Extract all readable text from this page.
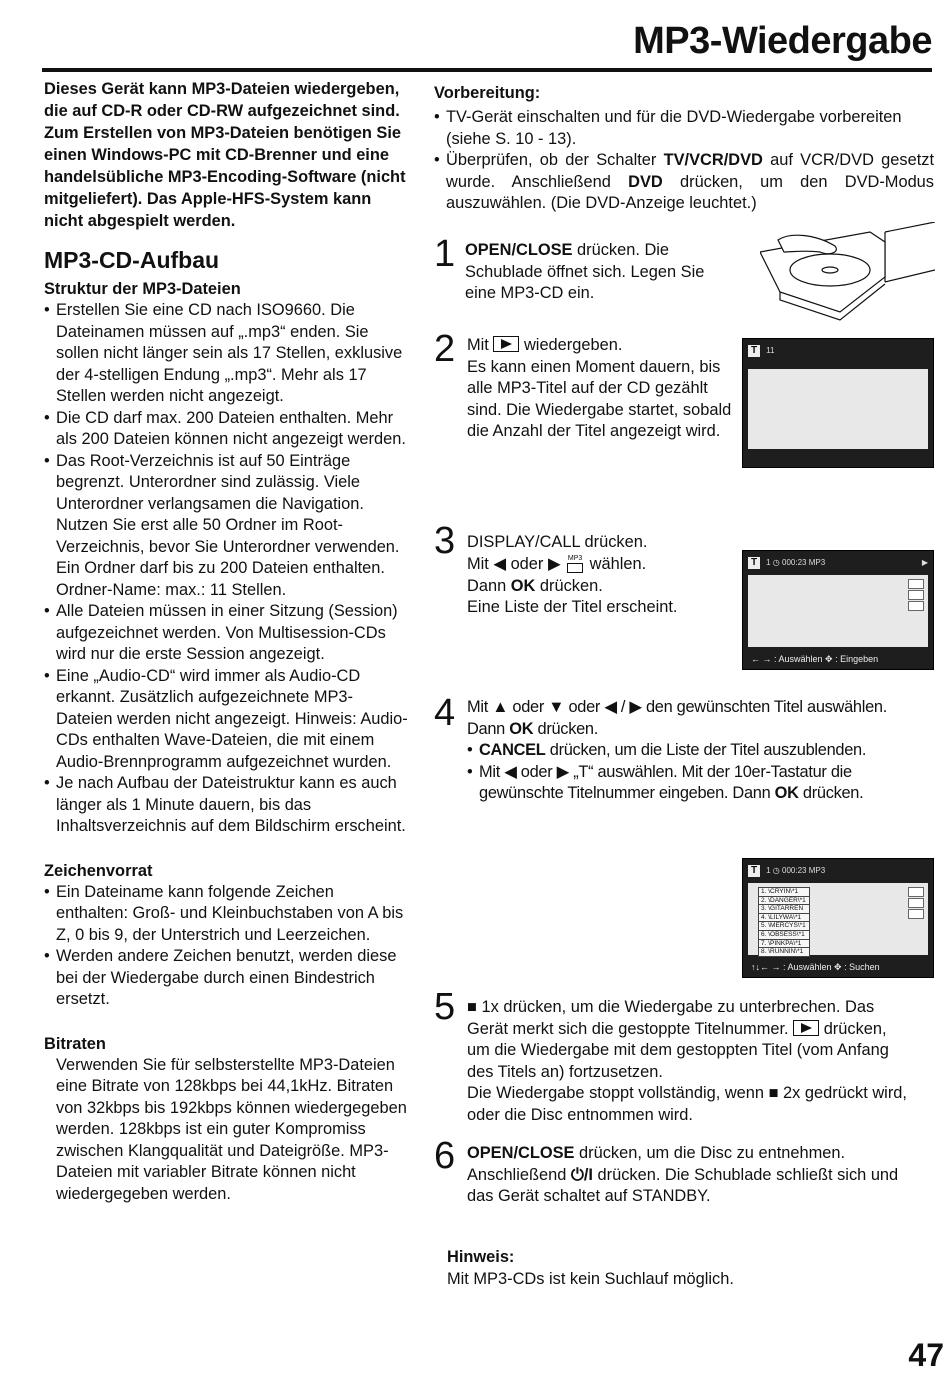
MP3-Wiedergabe

Dieses Gerät kann MP3-Dateien wiedergeben, die auf CD-R oder CD-RW aufgezeichnet sind. Zum Erstellen von MP3-Dateien benötigen Sie einen Windows-PC mit CD-Brenner und eine handelsübliche MP3-Encoding-Software (nicht mitgeliefert). Das Apple-HFS-System kann nicht abgespielt werden.

MP3-CD-Aufbau
Struktur der MP3-Dateien
• Erstellen Sie eine CD nach ISO9660. Die Dateinamen müssen auf „.mp3“ enden. Sie sollen nicht länger sein als 17 Stellen, exklusive der 4-stelligen Endung „.mp3“. Mehr als 17 Stellen werden nicht angezeigt.
• Die CD darf max. 200 Dateien enthalten. Mehr als 200 Dateien können nicht angezeigt werden.
• Das Root-Verzeichnis ist auf 50 Einträge begrenzt. Unterordner sind zulässig. Viele Unterordner verlangsamen die Navigation. Nutzen Sie erst alle 50 Ordner im Root-Verzeichnis, bevor Sie Unterordner verwenden. Ein Ordner darf bis zu 200 Dateien enthalten. Ordner-Name: max.: 11 Stellen.
• Alle Dateien müssen in einer Sitzung (Session) aufgezeichnet werden. Von Multisession-CDs wird nur die erste Session angezeigt.
• Eine „Audio-CD“ wird immer als Audio-CD erkannt. Zusätzlich aufgezeichnete MP3-Dateien werden nicht angezeigt. Hinweis: Audio-CDs enthalten Wave-Dateien, die mit einem Audio-Brennprogramm aufgezeichnet wurden.
• Je nach Aufbau der Dateistruktur kann es auch länger als 1 Minute dauern, bis das Inhaltsverzeichnis auf dem Bildschirm erscheint.
Zeichenvorrat
• Ein Dateiname kann folgende Zeichen enthalten: Groß- und Kleinbuchstaben von A bis Z, 0 bis 9, der Unterstrich und Leerzeichen.
• Werden andere Zeichen benutzt, werden diese bei der Wiedergabe durch einen Bindestrich ersetzt.
Bitraten
Verwenden Sie für selbsterstellte MP3-Dateien eine Bitrate von 128kbps bei 44,1kHz. Bitraten von 32kbps bis 192kbps können wiedergegeben werden. 128kbps ist ein guter Kompromiss zwischen Klangqualität und Dateigröße. MP3-Dateien mit variabler Bitrate können nicht wiedergegeben werden.
Vorbereitung:
• TV-Gerät einschalten und für die DVD-Wiedergabe vorbereiten (siehe S. 10 - 13).
• Überprüfen, ob der Schalter TV/VCR/DVD auf VCR/DVD gesetzt wurde. Anschließend DVD drücken, um den DVD-Modus auszuwählen. (Die DVD-Anzeige leuchtet.)
1 OPEN/CLOSE drücken. Die Schublade öffnet sich. Legen Sie eine MP3-CD ein.
2 Mit  wiedergeben.
Es kann einen Moment dauern, bis alle MP3-Titel auf der CD gezählt sind. Die Wiedergabe startet, sobald die Anzahl der Titel angezeigt wird.
T 11
3 DISPLAY/CALL drücken.
Mit ◀ oder ▶ MP3
wählen.
Dann OK drücken.
Eine Liste der Titel erscheint.
T 1 ◷ 000:23 MP3	▶
← → : Auswählen ✥ : Eingeben
4 Mit ▲ oder ▼ oder ◀ / ▶ den gewünschten Titel auswählen.
Dann OK drücken.
• CANCEL drücken, um die Liste der Titel auszublenden.
• Mit ◀ oder ▶ „T“ auswählen. Mit der 10er-Tastatur die gewünschte Titelnummer eingeben. Dann OK drücken.
T 1 ◷ 000:23 MP3
1. \CRYIN\*1
2. \DANGER\*1
3. \GITARREN
4. \LILYWA\*1
5. \MERCYS\*1
6. \OBSESS\*1
7. \PINKPA\*1
8. \RUNNIN\*1
↑↓← → : Auswählen ✥ : Suchen
5 ■ 1x drücken, um die Wiedergabe zu unterbrechen. Das Gerät merkt sich die gestoppte Titelnummer.  drücken, um die Wiedergabe mit dem gestoppten Titel (vom Anfang des Titels an) fortzusetzen.
Die Wiedergabe stoppt vollständig, wenn ■ 2x gedrückt wird, oder die Disc entnommen wird.
6 OPEN/CLOSE drücken, um die Disc zu entnehmen.
Anschließend ⏻/I drücken. Die Schublade schließt sich und das Gerät schaltet auf STANDBY.
Hinweis:
Mit MP3-CDs ist kein Suchlauf möglich.
47
